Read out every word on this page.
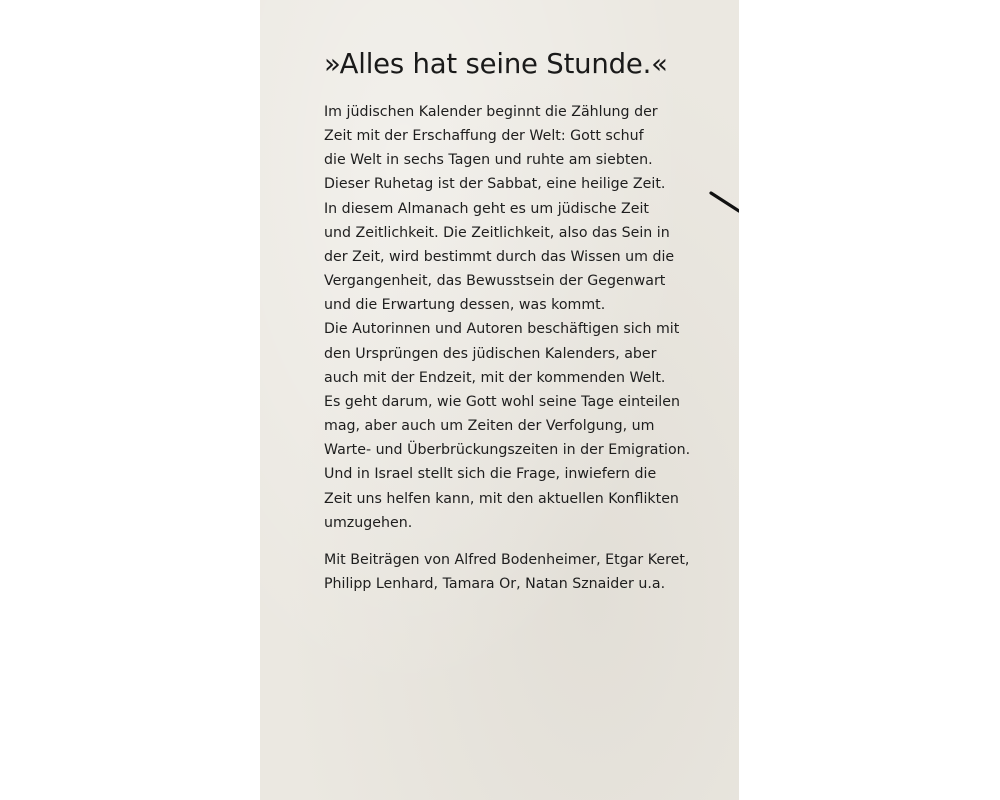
»Alles hat seine Stunde.«
Im jüdischen Kalender beginnt die Zählung der
Zeit mit der Erschaffung der Welt: Gott schuf
die Welt in sechs Tagen und ruhte am siebten.
Dieser Ruhetag ist der Sabbat, eine heilige Zeit.
In diesem Almanach geht es um jüdische Zeit
und Zeitlichkeit. Die Zeitlichkeit, also das Sein in
der Zeit, wird bestimmt durch das Wissen um die
Vergangenheit, das Bewusstsein der Gegenwart
und die Erwartung dessen, was kommt.
Die Autorinnen und Autoren beschäftigen sich mit
den Ursprüngen des jüdischen Kalenders, aber
auch mit der Endzeit, mit der kommenden Welt.
Es geht darum, wie Gott wohl seine Tage einteilen
mag, aber auch um Zeiten der Verfolgung, um
Warte- und Überbrückungszeiten in der Emigration.
Und in Israel stellt sich die Frage, inwiefern die
Zeit uns helfen kann, mit den aktuellen Konflikten
umzugehen.
Mit Beiträgen von Alfred Bodenheimer, Etgar Keret,
Philipp Lenhard, Tamara Or, Natan Sznaider u.a.
